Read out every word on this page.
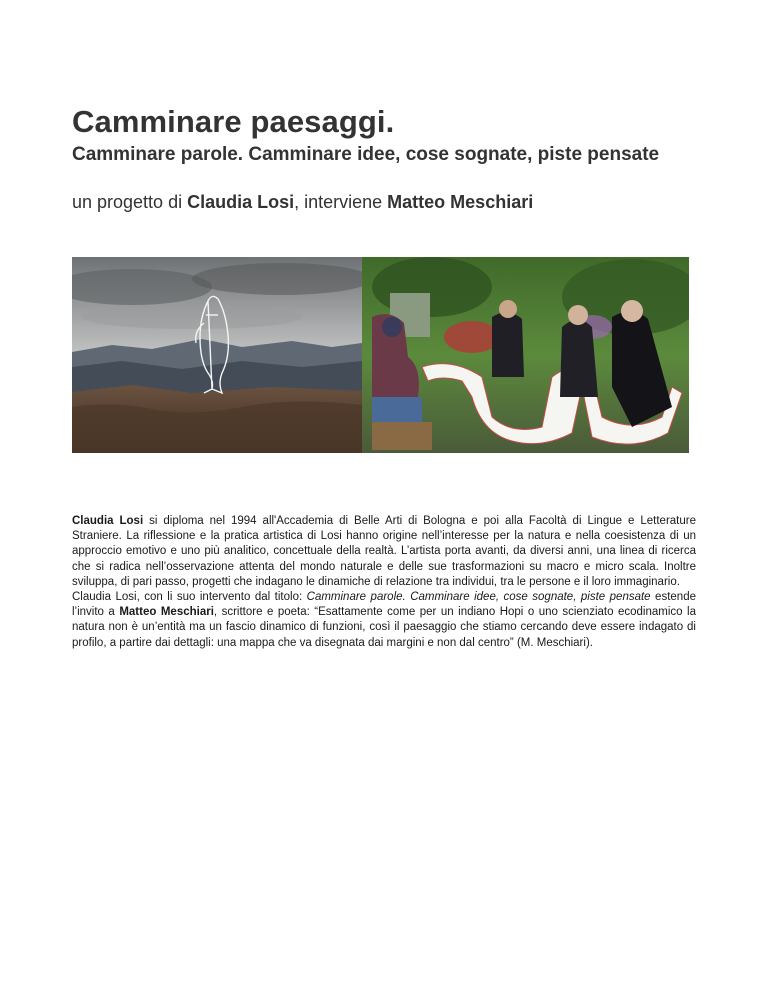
Camminare paesaggi.
Camminare parole. Camminare idee, cose sognate, piste pensate

un progetto di Claudia Losi, interviene Matteo Meschiari

Claudia Losi si diploma nel 1994 all'Accademia di Belle Arti di Bologna e poi alla Facoltà di Lingue e Letterature Straniere. La riflessione e la pratica artistica di Losi hanno origine nell’interesse per la natura e nella coesistenza di un approccio emotivo e uno più analitico, concettuale della realtà. L’artista porta avanti, da diversi anni, una linea di ricerca che si radica nell’osservazione attenta del mondo naturale e delle sue trasformazioni su macro e micro scala. Inoltre sviluppa, di pari passo, progetti che indagano le dinamiche di relazione tra individui, tra le persone e il loro immaginario.

Claudia Losi, con li suo intervento dal titolo: Camminare parole. Camminare idee, cose sognate, piste pensate estende l’invito a Matteo Meschiari, scrittore e poeta: “Esattamente come per un indiano Hopi o uno scienziato ecodinamico la natura non è un’entità ma un fascio dinamico di funzioni, così il paesaggio che stiamo cercando deve essere indagato di profilo, a partire dai dettagli: una mappa che va disegnata dai margini e non dal centro” (M. Meschiari).
